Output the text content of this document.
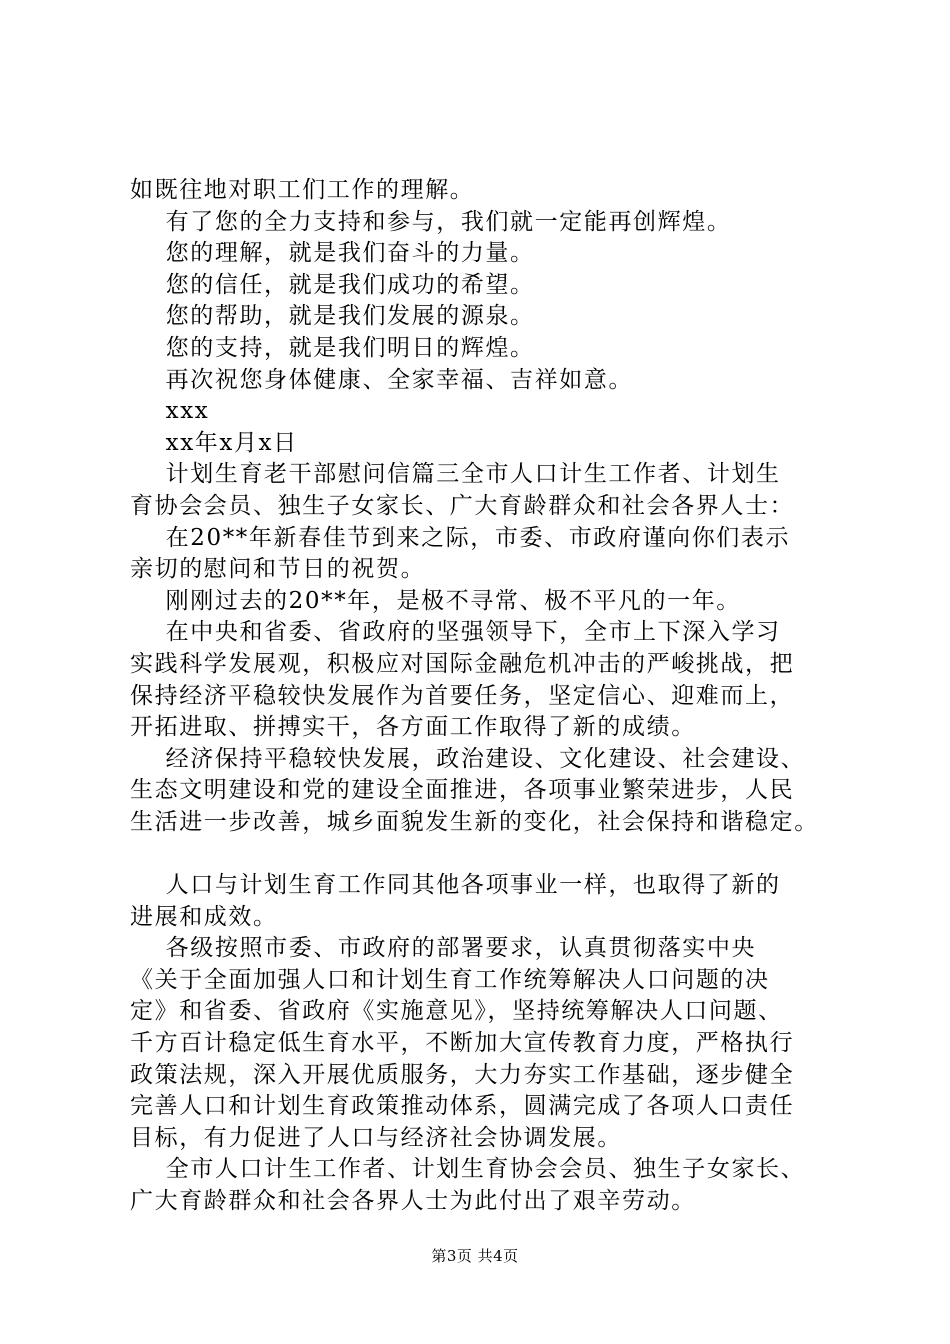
如既往地对职工们工作的理解。

有了您的全力支持和参与，我们就一定能再创辉煌。

您的理解，就是我们奋斗的力量。

您的信任，就是我们成功的希望。

您的帮助，就是我们发展的源泉。

您的支持，就是我们明日的辉煌。

再次祝您身体健康、全家幸福、吉祥如意。

xxx

xx年x月x日

计划生育老干部慰问信篇三全市人口计生工作者、计划生

育协会会员、独生子女家长、广大育龄群众和社会各界人士：

在20**年新春佳节到来之际，市委、市政府谨向你们表示

亲切的慰问和节日的祝贺。

刚刚过去的20**年，是极不寻常、极不平凡的一年。

在中央和省委、省政府的坚强领导下，全市上下深入学习

实践科学发展观，积极应对国际金融危机冲击的严峻挑战，把

保持经济平稳较快发展作为首要任务，坚定信心、迎难而上，

开拓进取、拼搏实干，各方面工作取得了新的成绩。

经济保持平稳较快发展，政治建设、文化建设、社会建设、

生态文明建设和党的建设全面推进，各项事业繁荣进步，人民

生活进一步改善，城乡面貌发生新的变化，社会保持和谐稳定。

人口与计划生育工作同其他各项事业一样，也取得了新的

进展和成效。

各级按照市委、市政府的部署要求，认真贯彻落实中央

《关于全面加强人口和计划生育工作统筹解决人口问题的决

定》和省委、省政府《实施意见》，坚持统筹解决人口问题、

千方百计稳定低生育水平，不断加大宣传教育力度，严格执行

政策法规，深入开展优质服务，大力夯实工作基础，逐步健全

完善人口和计划生育政策推动体系，圆满完成了各项人口责任

目标，有力促进了人口与经济社会协调发展。

全市人口计生工作者、计划生育协会会员、独生子女家长、

广大育龄群众和社会各界人士为此付出了艰辛劳动。

第3页 共4页
